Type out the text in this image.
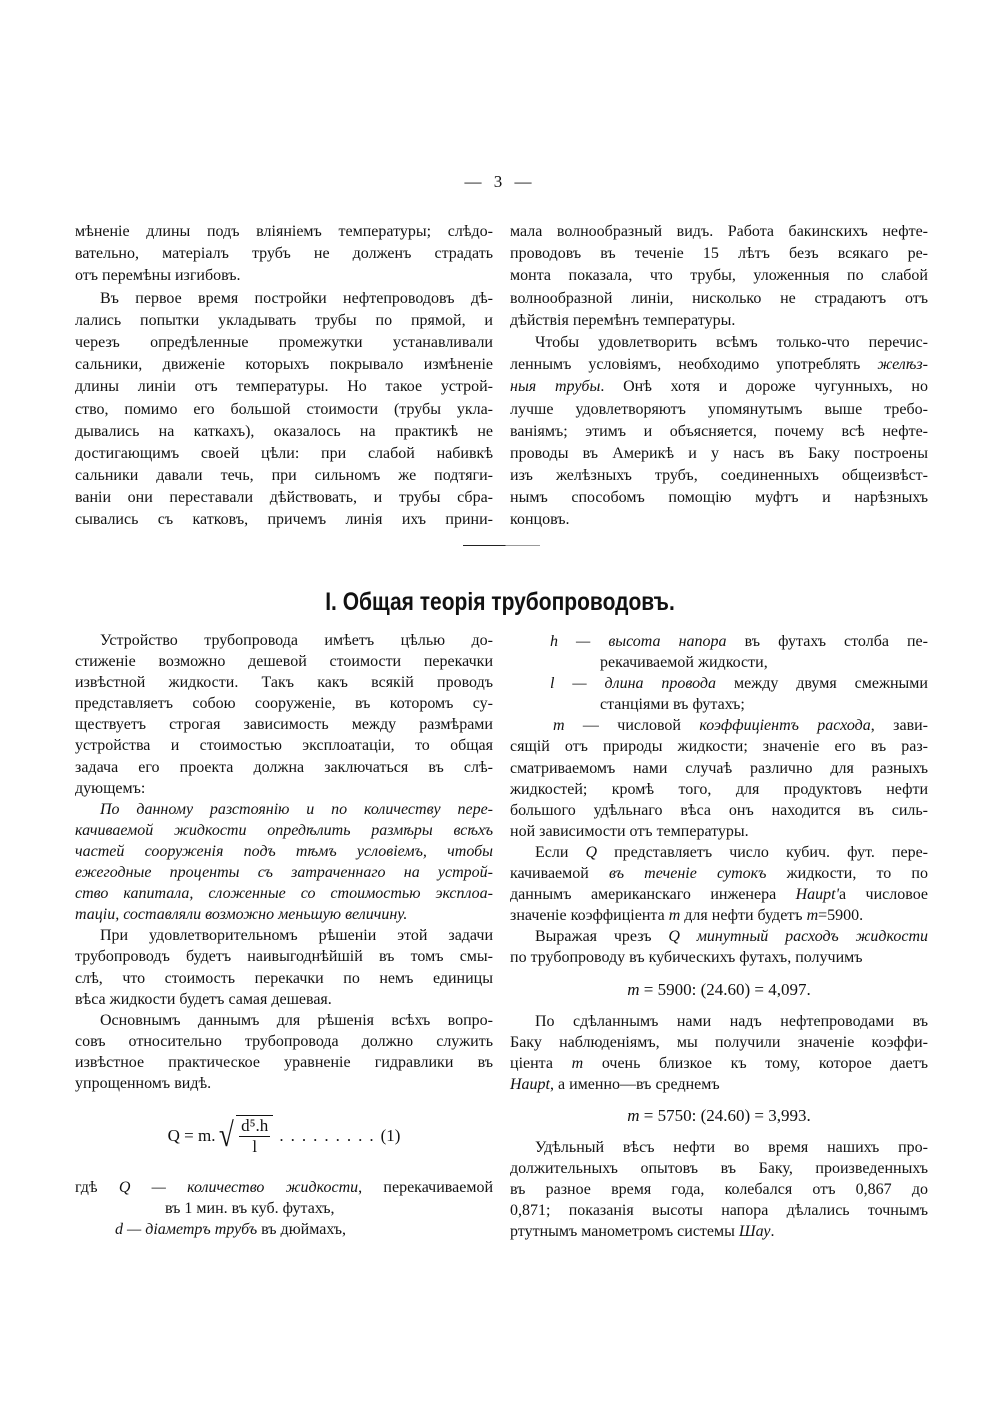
— 3 —
мѣненіе длины подъ вліяніемъ температуры; слѣдо-
вательно, матеріалъ трубъ не долженъ страдать
отъ перемѣны изгибовъ.
Въ первое время постройки нефтепроводовъ дѣ-
лались попытки укладывать трубы по прямой, и
черезъ опредѣленные промежутки устанавливали
сальники, движеніе которыхъ покрывало измѣненіе
длины линіи отъ температуры. Но такое устрой-
ство, помимо его большой стоимости (трубы укла-
дывались на каткахъ), оказалось на практикѣ не
достигающимъ своей цѣли: при слабой набивкѣ
сальники давали течь, при сильномъ же подтяги-
ваніи они переставали дѣйствовать, и трубы сбра-
сывались съ катковъ, причемъ линія ихъ прини-
мала волнообразный видъ. Работа бакинскихъ нефте-
проводовъ въ теченіе 15 лѣтъ безъ всякаго ре-
монта показала, что трубы, уложенныя по слабой
волнообразной линіи, нисколько не страдаютъ отъ
дѣйствія перемѣнъ температуры.
Чтобы удовлетворить всѣмъ только-что перечис-
леннымъ условіямъ, необходимо употреблять желѣз-
ныя трубы. Онѣ хотя и дороже чугунныхъ, но
лучше удовлетворяютъ упомянутымъ выше требо-
ваніямъ; этимъ и объясняется, почему всѣ нефте-
проводы въ Америкѣ и у насъ въ Баку построены
изъ желѣзныхъ трубъ, соединенныхъ общеизвѣст-
нымъ способомъ помощію муфтъ и нарѣзныхъ
концовъ.
I. Общая теорія трубопроводовъ.
Устройство трубопровода имѣетъ цѣлью до-
стиженіе возможно дешевой стоимости перекачки
извѣстной жидкости. Такъ какъ всякій проводъ
представляетъ собою сооруженіе, въ которомъ су-
ществуетъ строгая зависимость между размѣрами
устройства и стоимостью эксплоатаціи, то общая
задача его проекта должна заключаться въ слѣ-
дующемъ:
По данному разстоянію и по количеству пере-
качиваемой жидкости опредѣлить размѣры всѣхъ
частей сооруженія подъ тѣмъ условіемъ, чтобы
ежегодные проценты съ затраченнаго на устрой-
ство капитала, сложенные со стоимостью эксплоа-
таціи, составляли возможно меньшую величину.
При удовлетворительномъ рѣшеніи этой задачи
трубопроводъ будетъ наивыгоднѣйшій въ томъ смы-
слѣ, что стоимость перекачки по немъ единицы
вѣса жидкости будетъ самая дешевая.
Основнымъ даннымъ для рѣшенія всѣхъ вопро-
совъ относительно трубопровода должно служить
извѣстное практическое уравненіе гидравлики въ
упрощенномъ видѣ.
Q = m. √ $\frac{\text{d⁵.h}}{l}$ ......... (1)
гдѣ Q — количество жидкости, перекачиваемой
въ 1 мин. въ куб. футахъ,
d — діаметръ трубъ въ дюймахъ,
h — высота напора въ футахъ столба пе-
рекачиваемой жидкости,
l — длина провода между двумя смежными
станціями въ футахъ;
m — числовой коэффиціентъ расхода, зави-
сящій отъ природы жидкости; значеніе его въ раз-
сматриваемомъ нами случаѣ различно для разныхъ
жидкостей; кромѣ того, для продуктовъ нефти
большого удѣльнаго вѣса онъ находится въ силь-
ной зависимости отъ температуры.
Если Q представляетъ число кубич. фут. пере-
качиваемой въ теченіе сутокъ жидкости, то по
даннымъ американскаго инженера Haupt'а числовое
значеніе коэффиціента m для нефти будетъ m=5900.
Выражая чрезъ Q минутный расходъ жидкости
по трубопроводу въ кубическихъ футахъ, получимъ
m = 5900: (24.60) = 4,097.
По сдѣланнымъ нами надъ нефтепроводами въ
Баку наблюденіямъ, мы получили значеніе коэффи-
ціента m очень близкое къ тому, которое даетъ
Haupt, а именно—въ среднемъ
m = 5750: (24.60) = 3,993.
Удѣльный вѣсъ нефти во время нашихъ про-
должительныхъ опытовъ въ Баку, произведенныхъ
въ разное время года, колебался отъ 0,867 до
0,871; показанія высоты напора дѣлались точнымъ
ртутнымъ манометромъ системы Шау.
